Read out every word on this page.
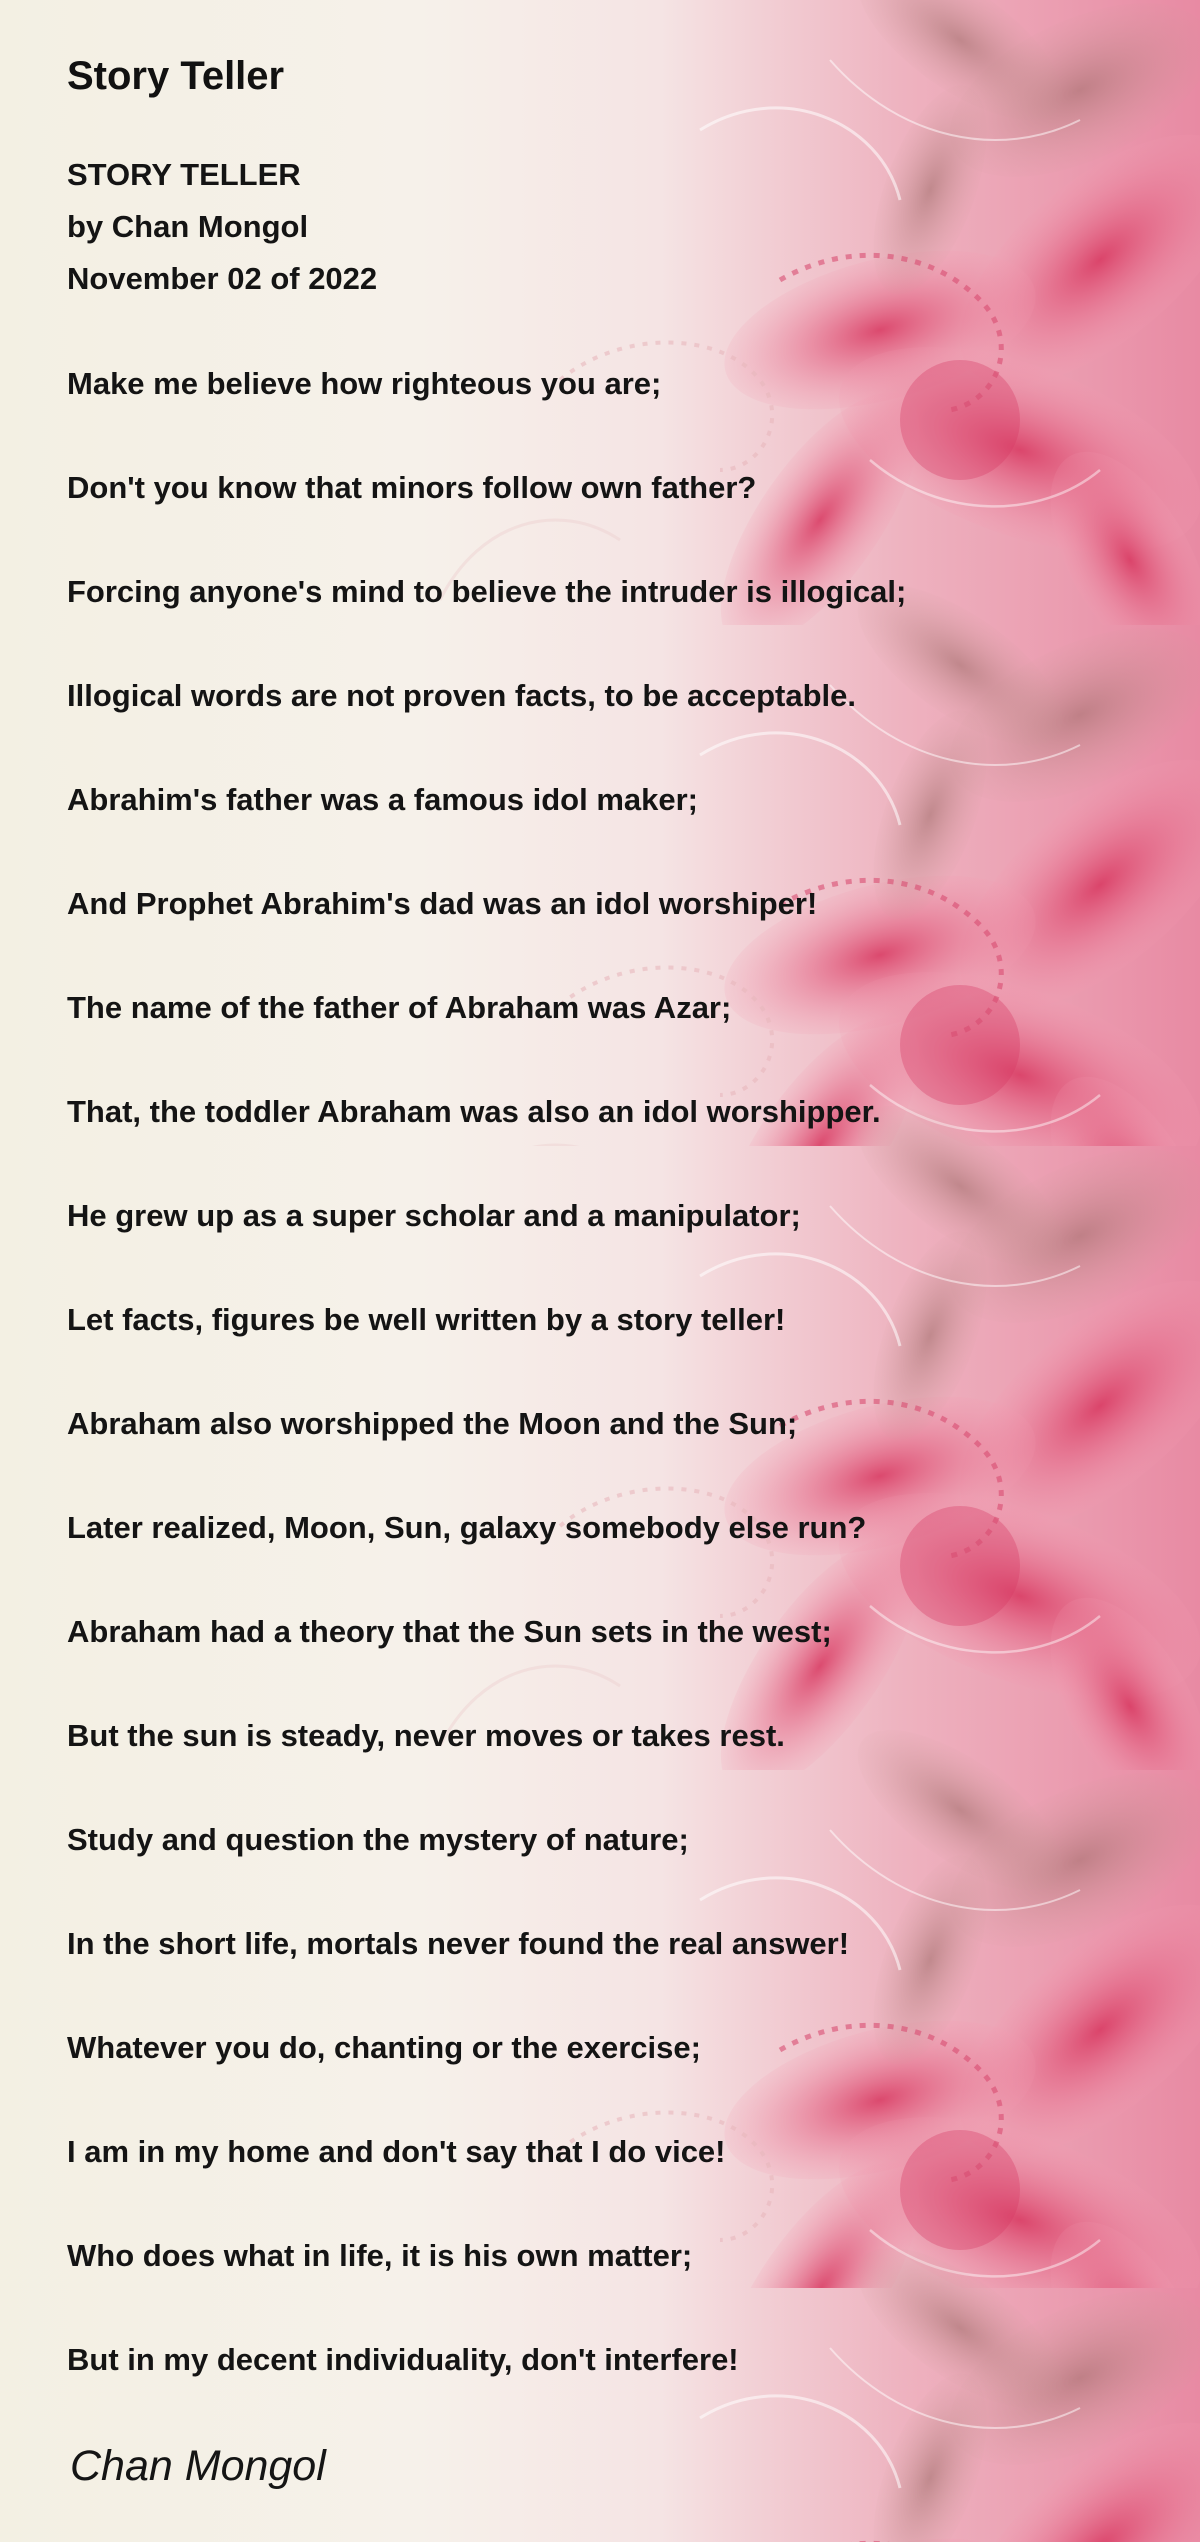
Story Teller

STORY TELLER

by Chan Mongol

November 02 of 2022

Make me believe how righteous you are;

Don't you know that minors follow own father?

Forcing anyone's mind to believe the intruder is illogical;

Illogical words are not proven facts, to be acceptable.

Abrahim's father was a famous idol maker;

And Prophet Abrahim's dad was an idol worshiper!

The name of the father of Abraham was Azar;

That, the toddler Abraham was also an idol worshipper.

He grew up as a super scholar and a manipulator;

Let facts, figures be well written by a story teller!

Abraham also worshipped the Moon and the Sun;

Later realized, Moon, Sun, galaxy somebody else run?

Abraham had a theory that the Sun sets in the west;

But the sun is steady, never moves or takes rest.

Study and question the mystery of nature;

In the short life, mortals never found the real answer!

Whatever you do, chanting or the exercise;

I am in my home and don't say that I do vice!

Who does what in life, it is his own matter;

But in my decent individuality, don't interfere!

Chan Mongol
